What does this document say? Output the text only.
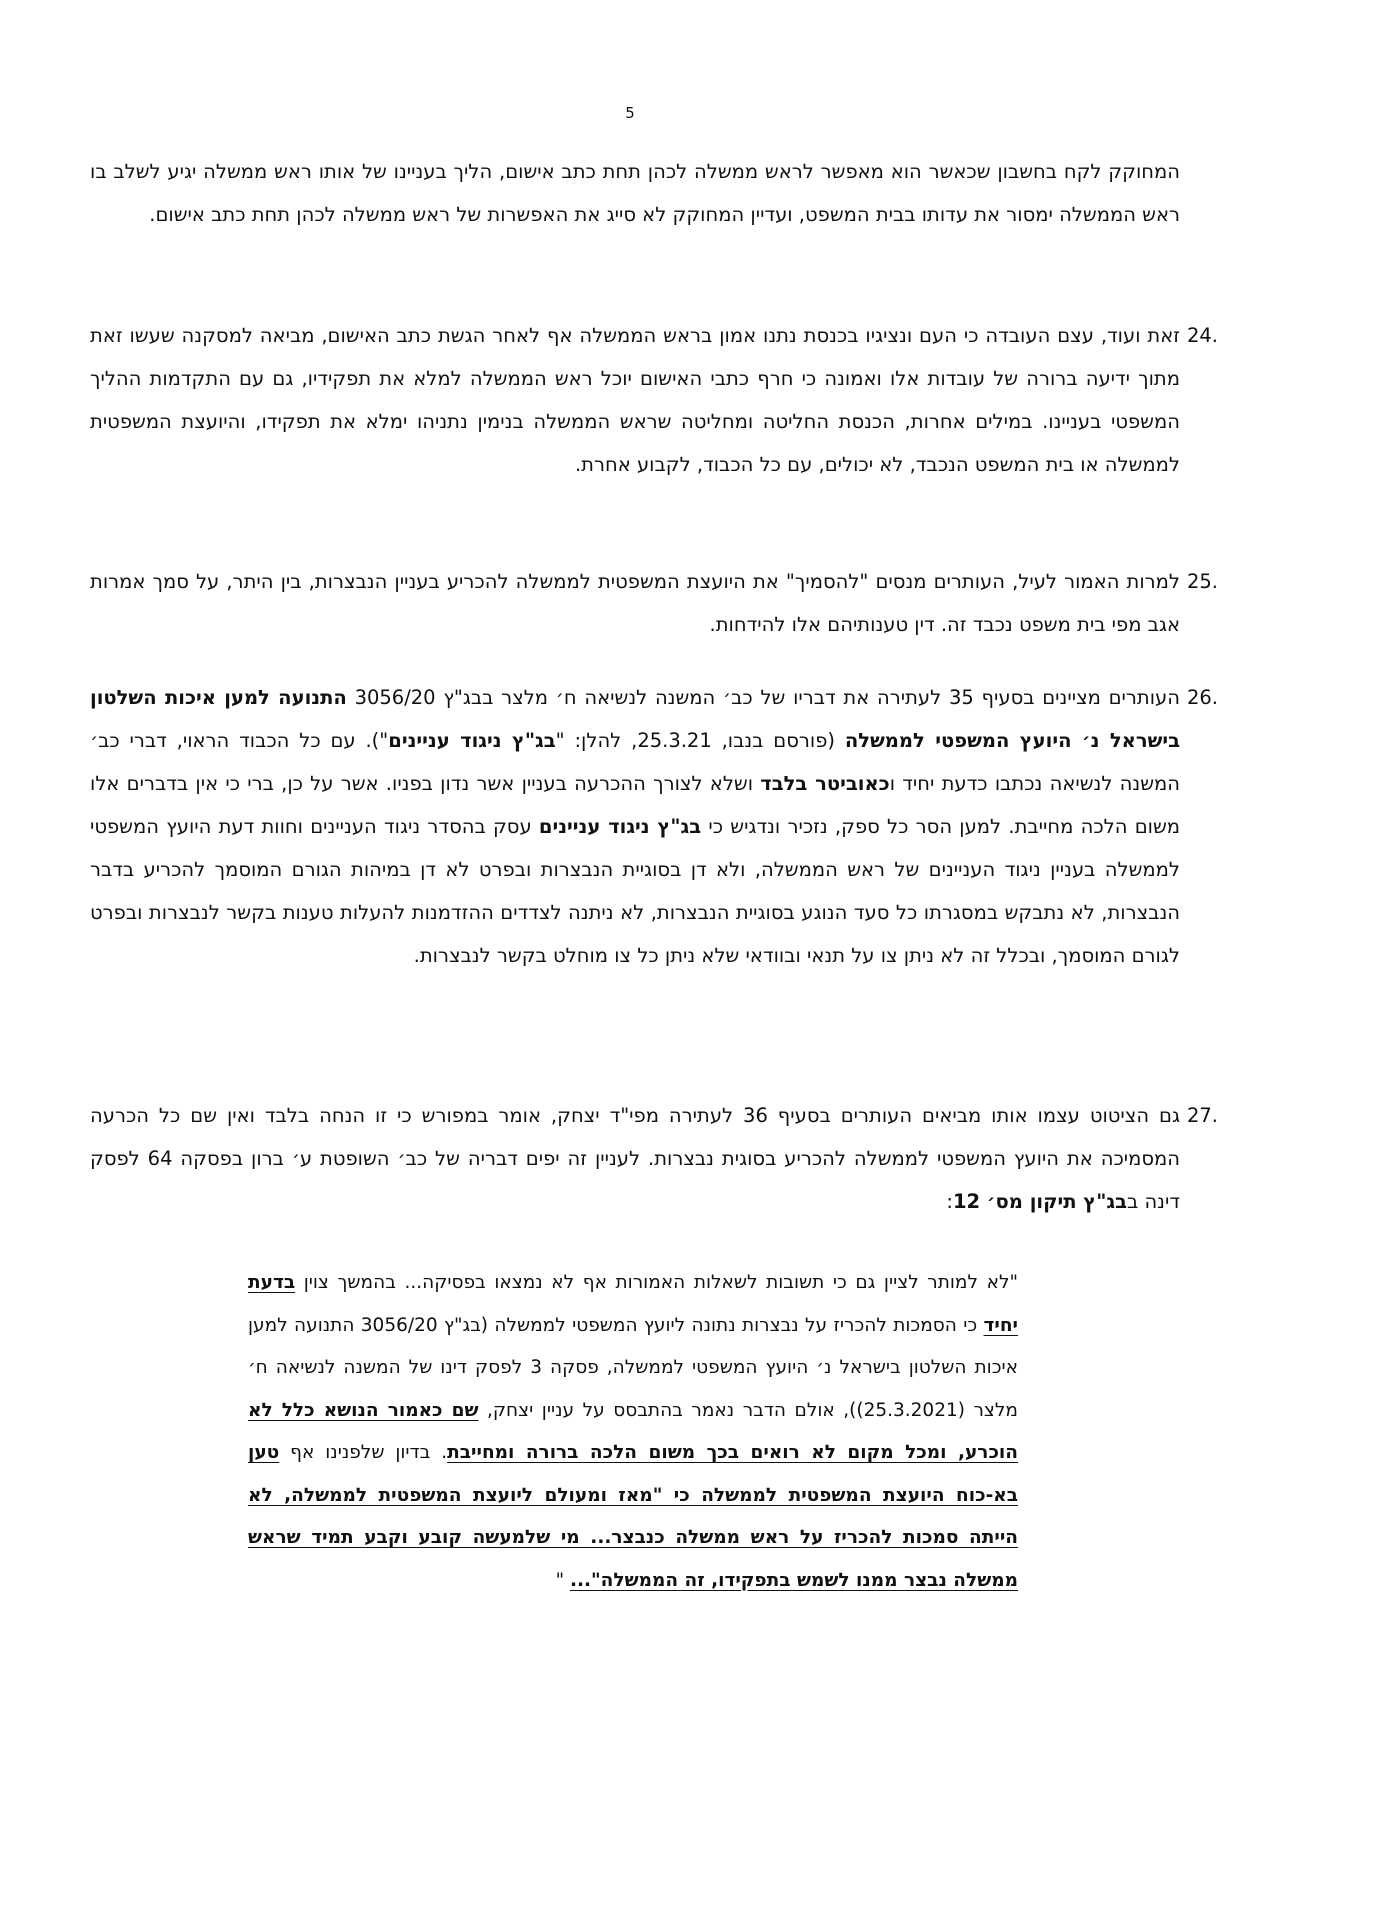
5
המחוקק לקח בחשבון שכאשר הוא מאפשר לראש ממשלה לכהן תחת כתב אישום, הליך בעניינו של אותו ראש ממשלה יגיע לשלב בו ראש הממשלה ימסור את עדותו בבית המשפט, ועדיין המחוקק לא סייג את האפשרות של ראש ממשלה לכהן תחת כתב אישום.
24.
זאת ועוד, עצם העובדה כי העם ונציגיו בכנסת נתנו אמון בראש הממשלה אף לאחר הגשת כתב האישום, מביאה למסקנה שעשו זאת מתוך ידיעה ברורה של עובדות אלו ואמונה כי חרף כתבי האישום יוכל ראש הממשלה למלא את תפקידיו, גם עם התקדמות ההליך המשפטי בעניינו. במילים אחרות, הכנסת החליטה ומחליטה שראש הממשלה בנימין נתניהו ימלא את תפקידו, והיועצת המשפטית לממשלה או בית המשפט הנכבד, לא יכולים, עם כל הכבוד, לקבוע אחרת.
25.
למרות האמור לעיל, העותרים מנסים "להסמיך" את היועצת המשפטית לממשלה להכריע בעניין הנבצרות, בין היתר, על סמך אמרות אגב מפי בית משפט נכבד זה. דין טענותיהם אלו להידחות.
26.
העותרים מציינים בסעיף 35 לעתירה את דבריו של כב׳ המשנה לנשיאה ח׳ מלצר בבג"ץ 3056/20 התנועה למען איכות השלטון בישראל נ׳ היועץ המשפטי לממשלה (פורסם בנבו, 25.3.21, להלן: "בג"ץ ניגוד עניינים"). עם כל הכבוד הראוי, דברי כב׳ המשנה לנשיאה נכתבו כדעת יחיד וכאוביטר בלבד ושלא לצורך ההכרעה בעניין אשר נדון בפניו. אשר על כן, ברי כי אין בדברים אלו משום הלכה מחייבת. למען הסר כל ספק, נזכיר ונדגיש כי בג"ץ ניגוד עניינים עסק בהסדר ניגוד העניינים וחוות דעת היועץ המשפטי לממשלה בעניין ניגוד העניינים של ראש הממשלה, ולא דן בסוגיית הנבצרות ובפרט לא דן במיהות הגורם המוסמך להכריע בדבר הנבצרות, לא נתבקש במסגרתו כל סעד הנוגע בסוגיית הנבצרות, לא ניתנה לצדדים ההזדמנות להעלות טענות בקשר לנבצרות ובפרט לגורם המוסמך, ובכלל זה לא ניתן צו על תנאי ובוודאי שלא ניתן כל צו מוחלט בקשר לנבצרות.
27.
גם הציטוט עצמו אותו מביאים העותרים בסעיף 36 לעתירה מפי"ד יצחק, אומר במפורש כי זו הנחה בלבד ואין שם כל הכרעה המסמיכה את היועץ המשפטי לממשלה להכריע בסוגית נבצרות. לעניין זה יפים דבריה של כב׳ השופטת ע׳ ברון בפסקה 64 לפסק דינה בבג"ץ תיקון מס׳ 12:
"לא למותר לציין גם כי תשובות לשאלות האמורות אף לא נמצאו בפסיקה... בהמשך צוין בדעת יחיד כי הסמכות להכריז על נבצרות נתונה ליועץ המשפטי לממשלה (בג"ץ 3056/20 התנועה למען איכות השלטון בישראל נ׳ היועץ המשפטי לממשלה, פסקה 3 לפסק דינו של המשנה לנשיאה ח׳ מלצר (25.3.2021)), אולם הדבר נאמר בהתבסס על עניין יצחק, שם כאמור הנושא כלל לא הוכרע, ומכל מקום לא רואים בכך משום הלכה ברורה ומחייבת. בדיון שלפנינו אף טען בא-כוח היועצת המשפטית לממשלה כי "מאז ומעולם ליועצת המשפטית לממשלה, לא הייתה סמכות להכריז על ראש ממשלה כנבצר... מי שלמעשה קובע וקבע תמיד שראש ממשלה נבצר ממנו לשמש בתפקידו, זה הממשלה"... "
